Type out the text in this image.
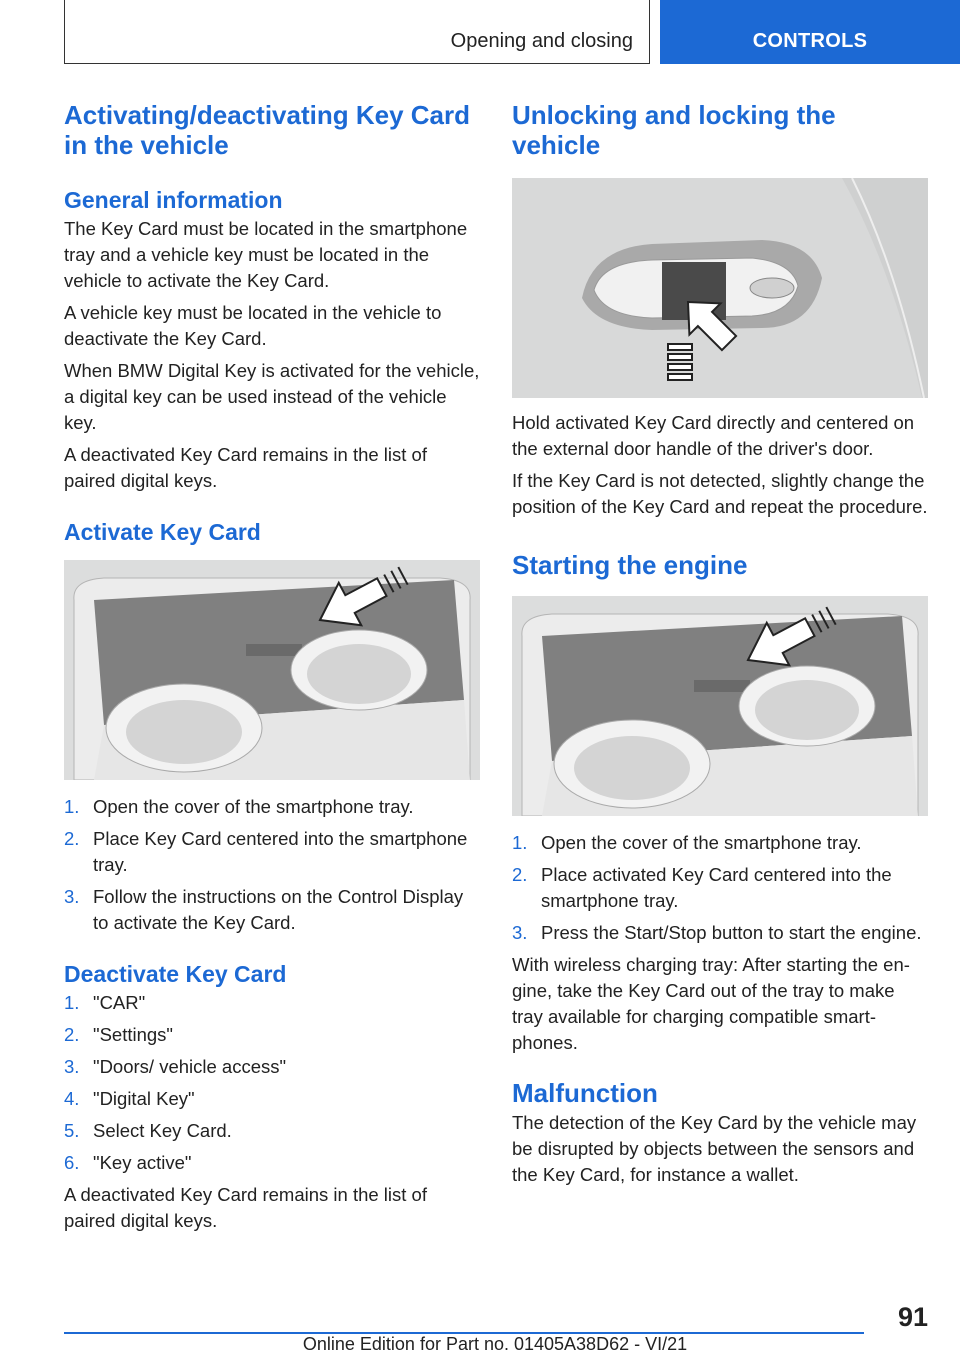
Opening and closing	CONTROLS
Activating/deactivating Key Card in the vehicle
General information

The Key Card must be located in the smartphone tray and a vehicle key must be located in the vehicle to activate the Key Card.

A vehicle key must be located in the vehicle to deactivate the Key Card.

When BMW Digital Key is activated for the vehicle, a digital key can be used instead of the vehicle key.

A deactivated Key Card remains in the list of paired digital keys.

Activate Key Card
1. Open the cover of the smartphone tray.
2. Place Key Card centered into the smartphone tray.
3. Follow the instructions on the Control Display to activate the Key Card.
Deactivate Key Card
1. "CAR"
2. "Settings"
3. "Doors/ vehicle access"
4. "Digital Key"
5. Select Key Card.
6. "Key active"

A deactivated Key Card remains in the list of paired digital keys.

Unlocking and locking the vehicle

Hold activated Key Card directly and centered on the external door handle of the driver's door.

If the Key Card is not detected, slightly change the position of the Key Card and repeat the procedure.

Starting the engine
1. Open the cover of the smartphone tray.
2. Place activated Key Card centered into the smartphone tray.
3. Press the Start/Stop button to start the engine.

With wireless charging tray: After starting the engine, take the Key Card out of the tray to make tray available for charging compatible smartphones.

Malfunction

The detection of the Key Card by the vehicle may be disrupted by objects between the sensors and the Key Card, for instance a wallet.

91
Online Edition for Part no. 01405A38D62 - VI/21
